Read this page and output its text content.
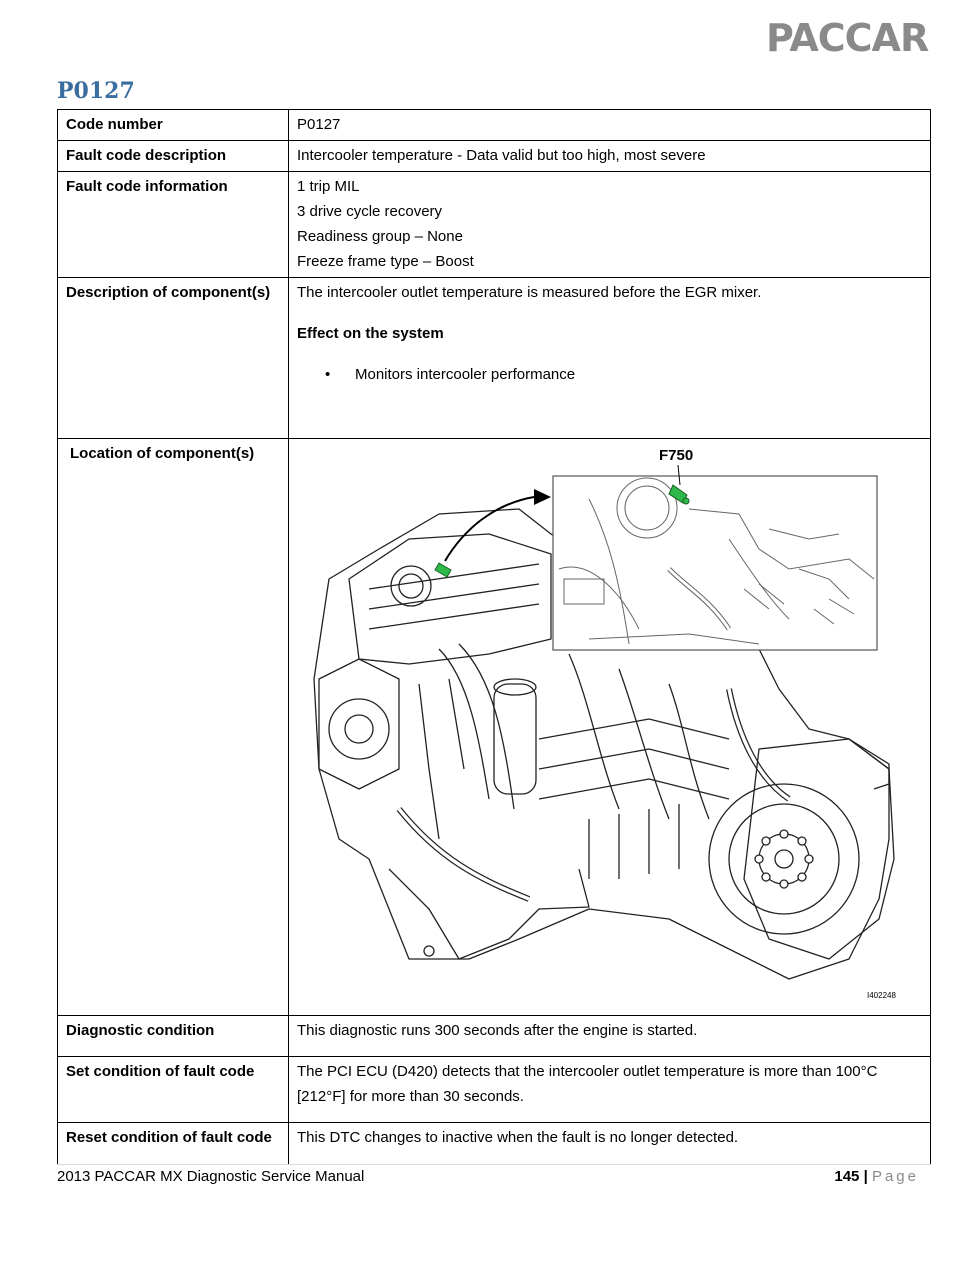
PACCAR
P0127
Code number	P0127
Fault code description	Intercooler temperature - Data valid but too high, most severe
Fault code information	1 trip MIL
3 drive cycle recovery
Readiness group – None
Freeze frame type – Boost

Description of component(s)	The intercooler outlet temperature is measured before the EGR mixer.
Effect on the system
• Monitors intercooler performance

Location of component(s)	F750
I402248

Diagnostic condition	This diagnostic runs 300 seconds after the engine is started.
Set condition of fault code	The PCI ECU (D420) detects that the intercooler outlet temperature is more than 100°C
[212°F] for more than 30 seconds.

Reset condition of fault code	This DTC changes to inactive when the fault is no longer detected.
2013 PACCAR MX Diagnostic Service Manual	145 | Page
